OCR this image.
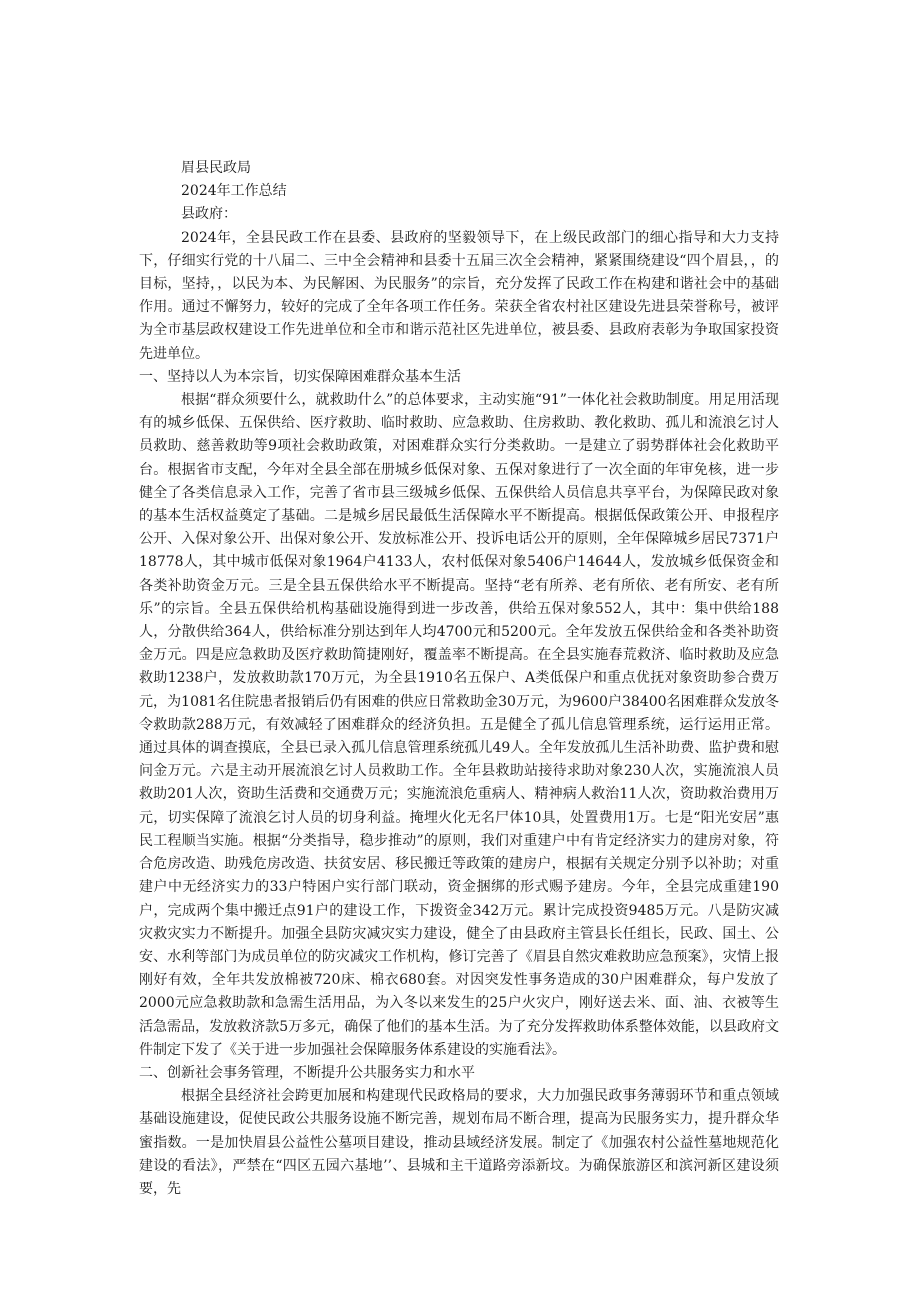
眉县民政局

2024年工作总结

县政府：

2024年，全县民政工作在县委、县政府的坚毅领导下，在上级民政部门的细心指导和大力支持下，仔细实行党的十八届二、三中全会精神和县委十五届三次全会精神，紧紧围绕建设“四个眉县，，的目标，坚持，，以民为本、为民解困、为民服务”的宗旨，充分发挥了民政工作在构建和谐社会中的基础作用。通过不懈努力，较好的完成了全年各项工作任务。荣获全省农村社区建设先进县荣誉称号，被评为全市基层政权建设工作先进单位和全市和谐示范社区先进单位，被县委、县政府表彰为争取国家投资先进单位。

一、坚持以人为本宗旨，切实保障困难群众基本生活

根据“群众须要什么，就救助什么”的总体要求，主动实施“91”一体化社会救助制度。用足用活现有的城乡低保、五保供给、医疗救助、临时救助、应急救助、住房救助、教化救助、孤儿和流浪乞讨人员救助、慈善救助等9项社会救助政策，对困难群众实行分类救助。一是建立了弱势群体社会化救助平台。根据省市支配，今年对全县全部在册城乡低保对象、五保对象进行了一次全面的年审免核，进一步健全了各类信息录入工作，完善了省市县三级城乡低保、五保供给人员信息共享平台，为保障民政对象的基本生活权益奠定了基础。二是城乡居民最低生活保障水平不断提高。根据低保政策公开、申报程序公开、入保对象公开、出保对象公开、发放标准公开、投诉电话公开的原则，全年保障城乡居民7371户18778人，其中城市低保对象1964户4133人，农村低保对象5406户14644人，发放城乡低保资金和各类补助资金万元。三是全县五保供给水平不断提高。坚持“老有所养、老有所依、老有所安、老有所乐”的宗旨。全县五保供给机构基础设施得到进一步改善，供给五保对象552人，其中：集中供给188人，分散供给364人，供给标准分别达到年人均4700元和5200元。全年发放五保供给金和各类补助资金万元。四是应急救助及医疗救助简捷刚好，覆盖率不断提高。在全县实施春荒救济、临时救助及应急救助1238户，发放救助款170万元，为全县1910名五保户、A类低保户和重点优抚对象资助参合费万元，为1081名住院患者报销后仍有困难的供应日常救助金30万元，为9600户38400名困难群众发放冬令救助款288万元，有效减轻了困难群众的经济负担。五是健全了孤儿信息管理系统，运行运用正常。通过具体的调查摸底，全县已录入孤儿信息管理系统孤儿49人。全年发放孤儿生活补助费、监护费和慰问金万元。六是主动开展流浪乞讨人员救助工作。全年县救助站接待求助对象230人次，实施流浪人员救助201人次，资助生活费和交通费万元；实施流浪危重病人、精神病人救治11人次，资助救治费用万元，切实保障了流浪乞讨人员的切身利益。掩埋火化无名尸体10具，处置费用1万。七是“阳光安居”惠民工程顺当实施。根据“分类指导，稳步推动”的原则，我们对重建户中有肯定经济实力的建房对象，符合危房改造、助残危房改造、扶贫安居、移民搬迁等政策的建房户，根据有关规定分别予以补助；对重建户中无经济实力的33户特困户实行部门联动，资金捆绑的形式赐予建房。今年，全县完成重建190户，完成两个集中搬迁点91户的建设工作，下拨资金342万元。累计完成投资9485万元。八是防灾减灾救灾实力不断提升。加强全县防灾减灾实力建设，健全了由县政府主管县长任组长，民政、国土、公安、水利等部门为成员单位的防灾减灾工作机构，修订完善了《眉县自然灾难救助应急预案》，灾情上报刚好有效，全年共发放棉被720床、棉衣680套。对因突发性事务造成的30户困难群众，每户发放了2000元应急救助款和急需生活用品，为入冬以来发生的25户火灾户，刚好送去米、面、油、衣被等生活急需品，发放救济款5万多元，确保了他们的基本生活。为了充分发挥救助体系整体效能，以县政府文件制定下发了《关于进一步加强社会保障服务体系建设的实施看法》。

二、创新社会事务管理，不断提升公共服务实力和水平

根据全县经济社会跨更加展和构建现代民政格局的要求，大力加强民政事务薄弱环节和重点领域基础设施建设，促使民政公共服务设施不断完善，规划布局不断合理，提高为民服务实力，提升群众华蜜指数。一是加快眉县公益性公墓项目建设，推动县域经济发展。制定了《加强农村公益性墓地规范化建设的看法》，严禁在“四区五园六基地’’、县城和主干道路旁添新坟。为确保旅游区和滨河新区建设须要，先
